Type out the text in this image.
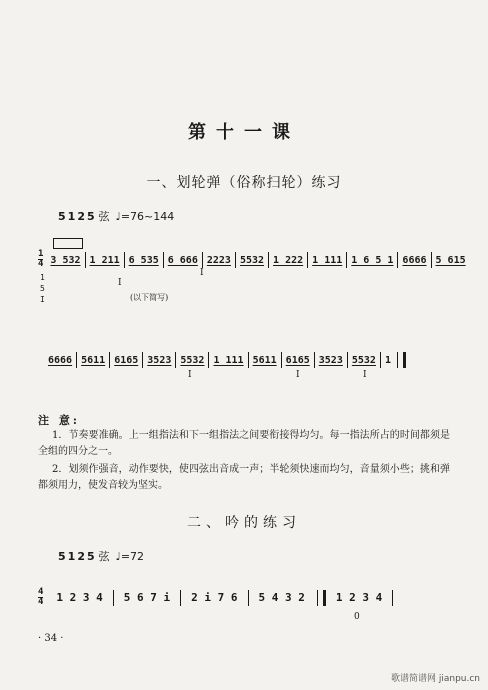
第十一课
一、划轮弹（俗称扫轮）练习
5 1 2 5 弦 ♩=76~144
$\frac{1}{4} 3$ 532 1 211 6 535 6 666 2223 5532 1 222 1 111 1 6 5 1 6666 5 615
1
5
I
I
I
(以下简写)
6666 5611 6165 3523 5532 1 111 5611 6165 3523 5532 1
I	I	I
注 意:
1．节奏要准确。上一组指法和下一组指法之间要衔接得均匀。每一指法所占的时间都须是全组的四分之一。
2．划须作强音，动作要快，使四弦出音成一声；半轮须快速而均匀，音量须小些；挑和弹都须用力，使发音较为坚实。
二、吟的练习
5 1 2 5 弦 ♩=72
$\frac{4}{4} 1$ 2 3 4 5 6 7 i 2 i 7 6 5 4 3 2	1 2 3 4
0
· 34 ·
歌谱简谱网 jianpu.cn
